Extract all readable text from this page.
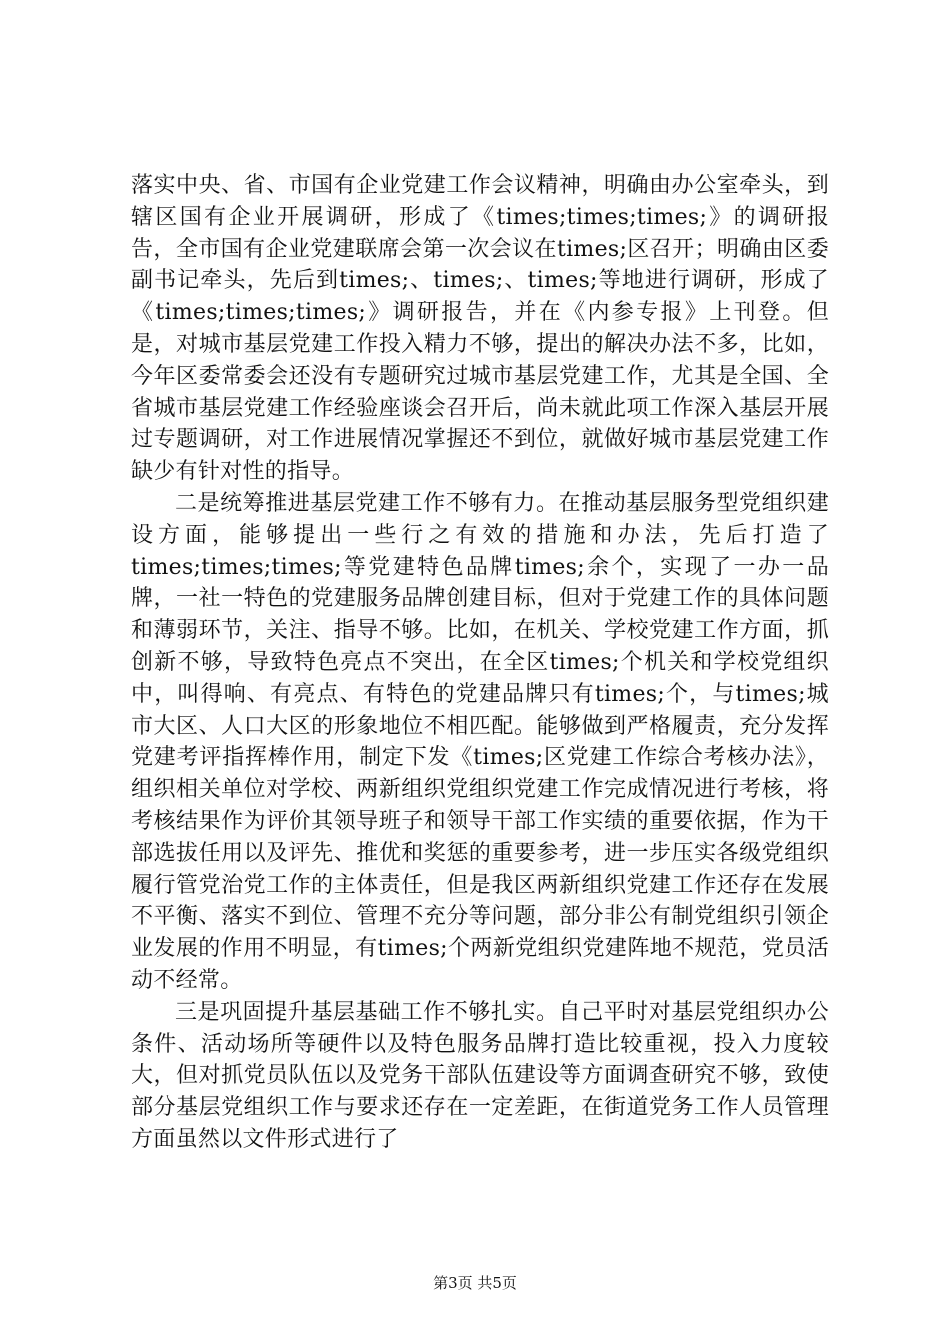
落实中央、省、市国有企业党建工作会议精神，明确由办公室牵头，到辖区国有企业开展调研，形成了《times;times;times;》的调研报告，全市国有企业党建联席会第一次会议在times;区召开；明确由区委副书记牵头，先后到times;、times;、times;等地进行调研，形成了《times;times;times;》调研报告，并在《内参专报》上刊登。但是，对城市基层党建工作投入精力不够，提出的解决办法不多，比如，今年区委常委会还没有专题研究过城市基层党建工作，尤其是全国、全省城市基层党建工作经验座谈会召开后，尚未就此项工作深入基层开展过专题调研，对工作进展情况掌握还不到位，就做好城市基层党建工作缺少有针对性的指导。

二是统筹推进基层党建工作不够有力。在推动基层服务型党组织建设方面，能够提出一些行之有效的措施和办法，先后打造了times;times;times;等党建特色品牌times;余个，实现了一办一品牌，一社一特色的党建服务品牌创建目标，但对于党建工作的具体问题和薄弱环节，关注、指导不够。比如，在机关、学校党建工作方面，抓创新不够，导致特色亮点不突出，在全区times;个机关和学校党组织中，叫得响、有亮点、有特色的党建品牌只有times;个，与times;城市大区、人口大区的形象地位不相匹配。能够做到严格履责，充分发挥党建考评指挥棒作用，制定下发《times;区党建工作综合考核办法》，组织相关单位对学校、两新组织党组织党建工作完成情况进行考核，将考核结果作为评价其领导班子和领导干部工作实绩的重要依据，作为干部选拔任用以及评先、推优和奖惩的重要参考，进一步压实各级党组织履行管党治党工作的主体责任，但是我区两新组织党建工作还存在发展不平衡、落实不到位、管理不充分等问题，部分非公有制党组织引领企业发展的作用不明显，有times;个两新党组织党建阵地不规范，党员活动不经常。

三是巩固提升基层基础工作不够扎实。自己平时对基层党组织办公条件、活动场所等硬件以及特色服务品牌打造比较重视，投入力度较大，但对抓党员队伍以及党务干部队伍建设等方面调查研究不够，致使部分基层党组织工作与要求还存在一定差距，在街道党务工作人员管理方面虽然以文件形式进行了

第3页 共5页
